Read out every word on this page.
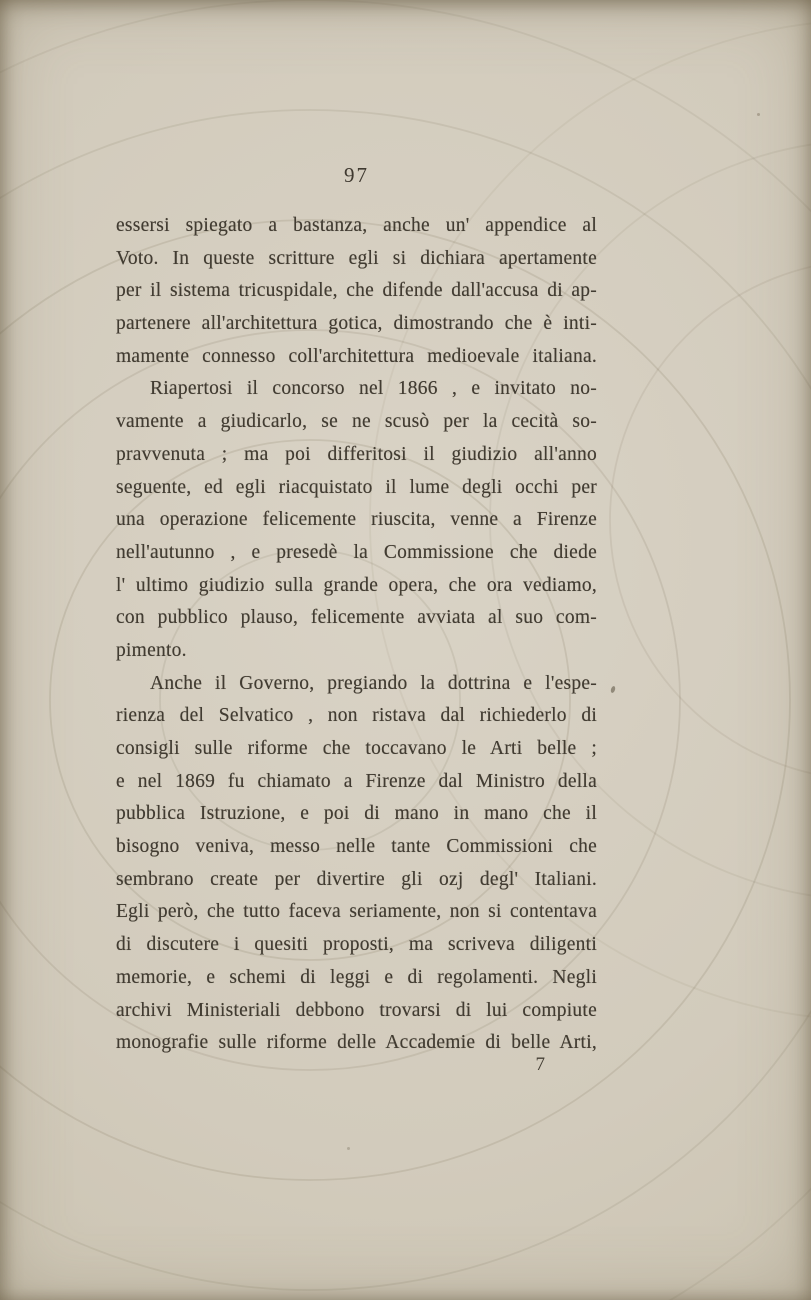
97
essersi spiegato a bastanza, anche un' appendice al
Voto. In queste scritture egli si dichiara apertamente
per il sistema tricuspidale, che difende dall'accusa di ap-
partenere all'architettura gotica, dimostrando che è inti-
mamente connesso coll'architettura medioevale italiana.
Riapertosi il concorso nel 1866 , e invitato no-
vamente a giudicarlo, se ne scusò per la cecità so-
pravvenuta ; ma poi differitosi il giudizio all'anno
seguente, ed egli riacquistato il lume degli occhi per
una operazione felicemente riuscita, venne a Firenze
nell'autunno , e presedè la Commissione che diede
l' ultimo giudizio sulla grande opera, che ora vediamo,
con pubblico plauso, felicemente avviata al suo com-
pimento.
Anche il Governo, pregiando la dottrina e l'espe-
rienza del Selvatico , non ristava dal richiederlo di
consigli sulle riforme che toccavano le Arti belle ;
e nel 1869 fu chiamato a Firenze dal Ministro della
pubblica Istruzione, e poi di mano in mano che il
bisogno veniva, messo nelle tante Commissioni che
sembrano create per divertire gli ozj degl' Italiani.
Egli però, che tutto faceva seriamente, non si contentava
di discutere i quesiti proposti, ma scriveva diligenti
memorie, e schemi di leggi e di regolamenti. Negli
archivi Ministeriali debbono trovarsi di lui compiute
monografie sulle riforme delle Accademie di belle Arti,
7
